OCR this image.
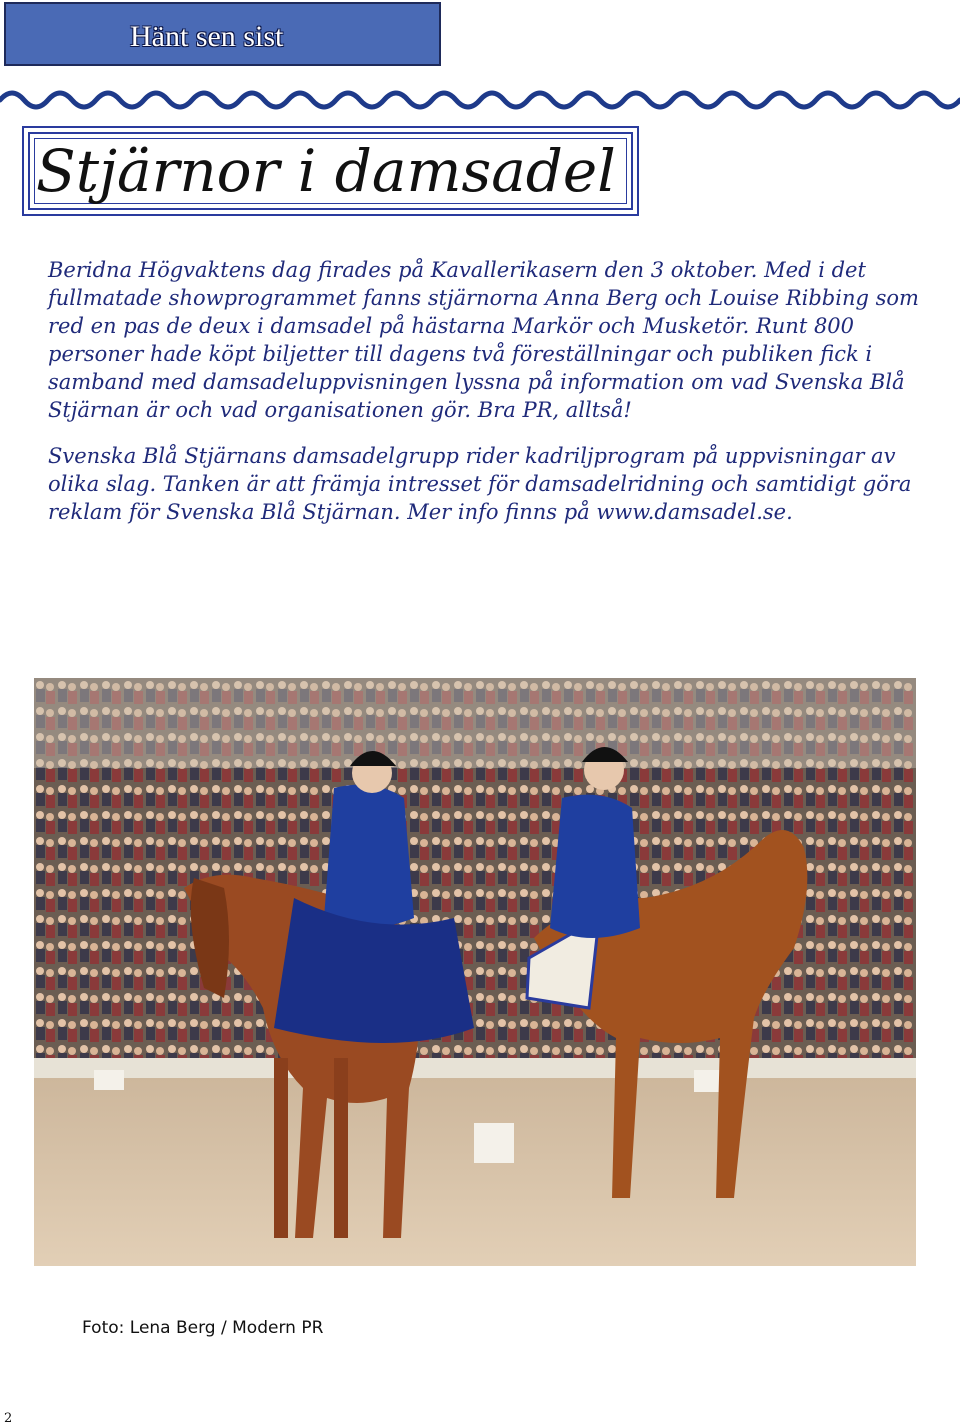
Hänt sen sist
Stjärnor i damsadel

Beridna Högvaktens dag firades på Kavallerikasern den 3 oktober. Med i det fullmatade showprogrammet fanns stjärnorna Anna Berg och Louise Ribbing som red en pas de deux i damsadel på hästarna Markör och Musketör. Runt 800 personer hade köpt biljetter till dagens två föreställningar och publiken fick i samband med damsadeluppvisningen lyssna på information om vad Svenska Blå Stjärnan är och vad organisationen gör. Bra PR, alltså!

Svenska Blå Stjärnans damsadelgrupp rider kadriljprogram på uppvisningar av olika slag. Tanken är att främja intresset för damsadelridning och samtidigt göra reklam för Svenska Blå Stjärnan. Mer info finns på www.damsadel.se.

Foto: Lena Berg / Modern PR
2
